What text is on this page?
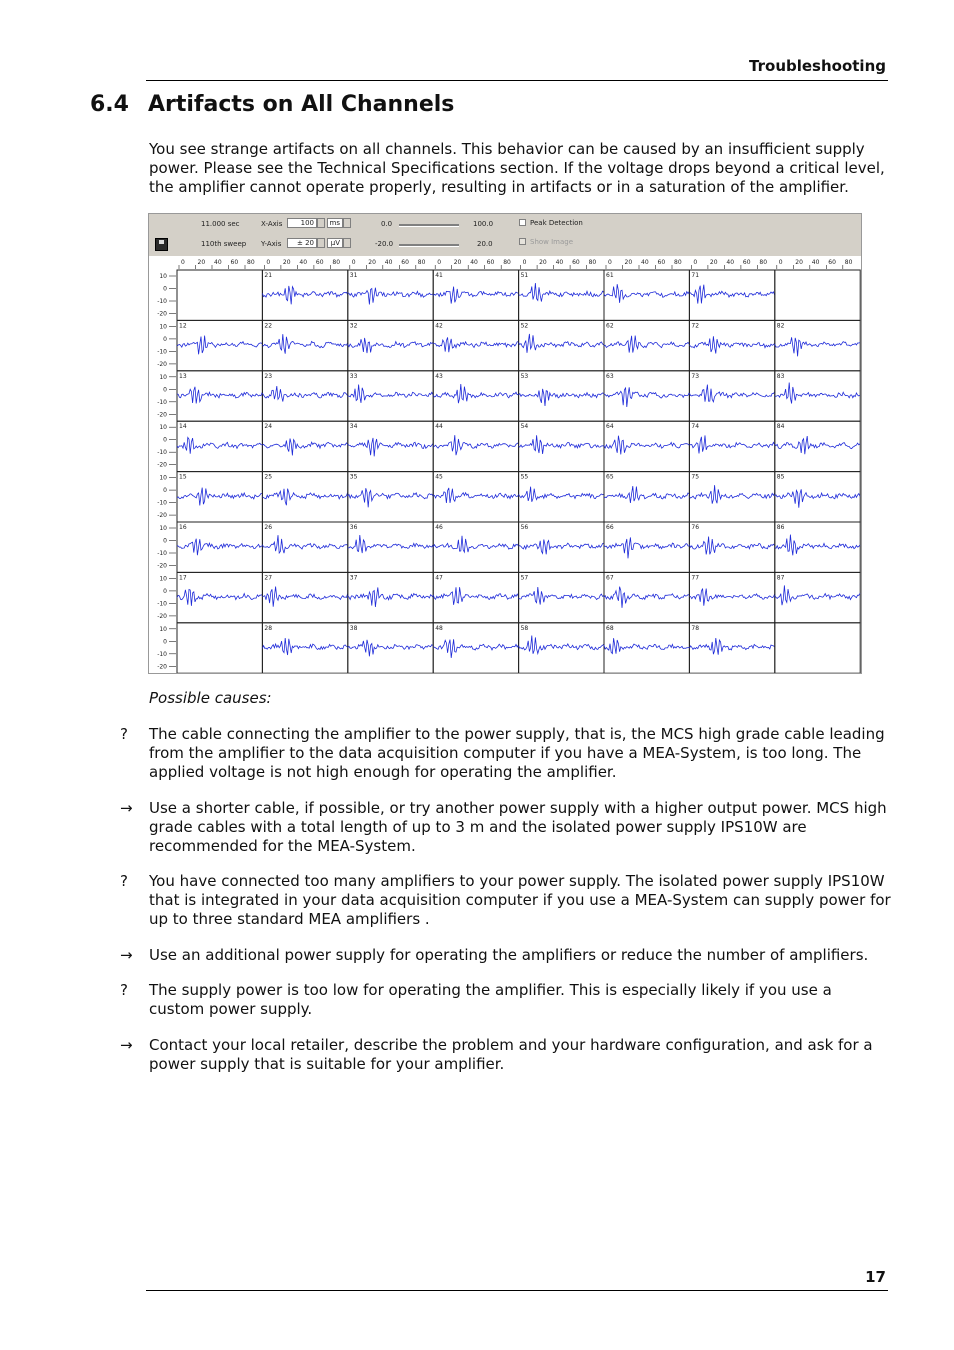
Troubleshooting
6.4 Artifacts on All Channels
You see strange artifacts on all channels. This behavior can be caused by an insufficient supply power. Please see the Technical Specifications section. If the voltage drops beyond a critical level, the amplifier cannot operate properly, resulting in artifacts or in a saturation of the amplifier.
11.000 sec
110th sweep
X-Axis	100	ms
Y-Axis	± 20	µV
0.0	100.0
-20.0	20.0
Peak Detection
Show Image
0 20 40 60 80 0 20 40 60 80 0 20 40 60 80 0 20 40 60 80 0 20 40 60 80 0 20 40 60 80 0 20 40 60 80 0 20 40 60 80
10
0
-10
-20
21	31	41	51	61	71
10
0
-10
-20
12	22	32	42	52	62	72	82
10
0
-10
-20
13	23	33	43	53	63	73	83
10
0
-10
-20
14	24	34	44	54	64	74	84
10
0
-10
-20
15	25	35	45	55	65	75	85
10
0
-10
-20
16	26	36	46	56	66	76	86
10
0
-10
-20
17	27	37	47	57	67	77	87
10
0
-10
-20
28	38	48	58	68	78
Possible causes:
? The cable connecting the amplifier to the power supply, that is, the MCS high grade cable leading from the amplifier to the data acquisition computer if you have a MEA-System, is too long. The applied voltage is not high enough for operating the amplifier.
→ Use a shorter cable, if possible, or try another power supply with a higher output power. MCS high grade cables with a total length of up to 3 m and the isolated power supply IPS10W are recommended for the MEA-System.
? You have connected too many amplifiers to your power supply. The isolated power supply IPS10W that is integrated in your data acquisition computer if you use a MEA-System can supply power for up to three standard MEA amplifiers .
→ Use an additional power supply for operating the amplifiers or reduce the number of amplifiers.
? The supply power is too low for operating the amplifier. This is especially likely if you use a custom power supply.
→ Contact your local retailer, describe the problem and your hardware configuration, and ask for a power supply that is suitable for your amplifier.
17
